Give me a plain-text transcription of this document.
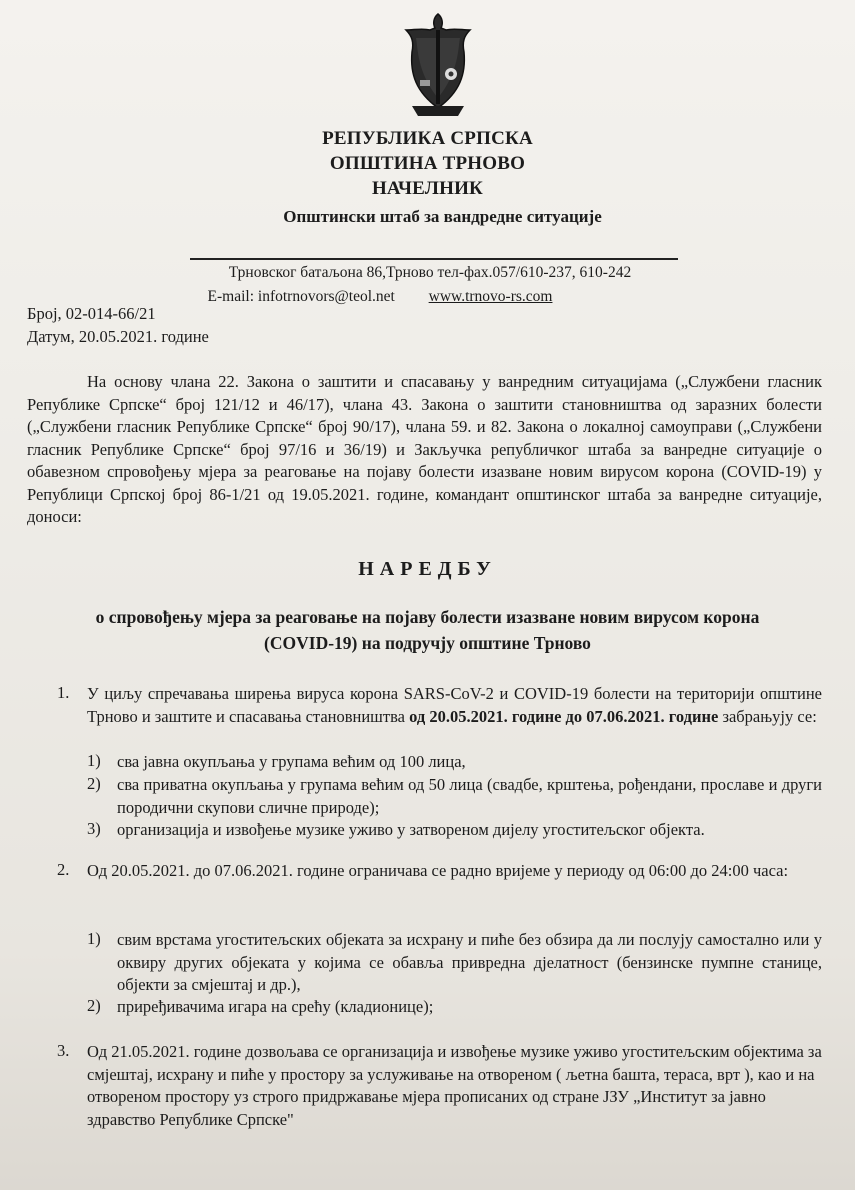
РЕПУБЛИКА СРПСКА
ОПШТИНА ТРНОВО
НАЧЕЛНИК
Општински штаб за вандредне ситуације
Трновског батаљона 86,Трново тел-фах.057/610-237, 610-242
E-mail: infotrnovors@teol.net www.trnovo-rs.com
Број, 02-014-66/21
Датум, 20.05.2021. године
На основу члана 22. Закона о заштити и спасавању у ванредним ситуацијама („Службени гласник Републике Српске“ број 121/12 и 46/17), члана 43. Закона о заштити становништва од заразних болести („Службени гласник Републике Српске“ број 90/17), члана 59. и 82. Закона о локалној самоуправи („Службени гласник Републике Српске“ број 97/16 и 36/19) и Закључка републичког штаба за ванредне ситуације о обавезном спровођењу мјера за реаговање на појаву болести изазване новим вирусом корона (COVID-19) у Републици Српској број 86-1/21 од 19.05.2021. године, командант општинског штаба за ванредне ситуације, доноси:
НАРЕДБУ
о спровођењу мјера за реаговање на појаву болести изазване новим вирусом корона
(COVID-19) на подручју општине Трново
1. У циљу спречавања ширења вируса корона SARS-CoV-2 и COVID-19 болести на територији општине Трново и заштите и спасавања становништва од 20.05.2021. године до 07.06.2021. године забрањују се:
1) сва јавна окупљања у групама већим од 100 лица,
2) сва приватна окупљања у групама већим од 50 лица (свадбе, крштења, рођендани, прославе и други породични скупови сличне природе);
3) организација и извођење музике уживо у затвореном дијелу угоститељског објекта.
2. Од 20.05.2021. до 07.06.2021. године ограничава се радно вријеме у периоду од 06:00 до 24:00 часа:
1) свим врстама угоститељских објеката за исхрану и пиће без обзира да ли послују самостално или у оквиру других објеката у којима се обавља привредна дјелатност (бензинске пумпне станице, објекти за смјештај и др.),
2) приређивачима игара на срећу (кладионице);
3. Од 21.05.2021. године дозвољава се организација и извођење музике уживо угоститељским објектима за смјештај, исхрану и пиће у простору за услуживање на отвореном ( љетна башта, тераса, врт ), као и на отвореном простору уз строго придржавање мјера прописаних од стране ЈЗУ „Институт за јавно здравство Републике Српске"
